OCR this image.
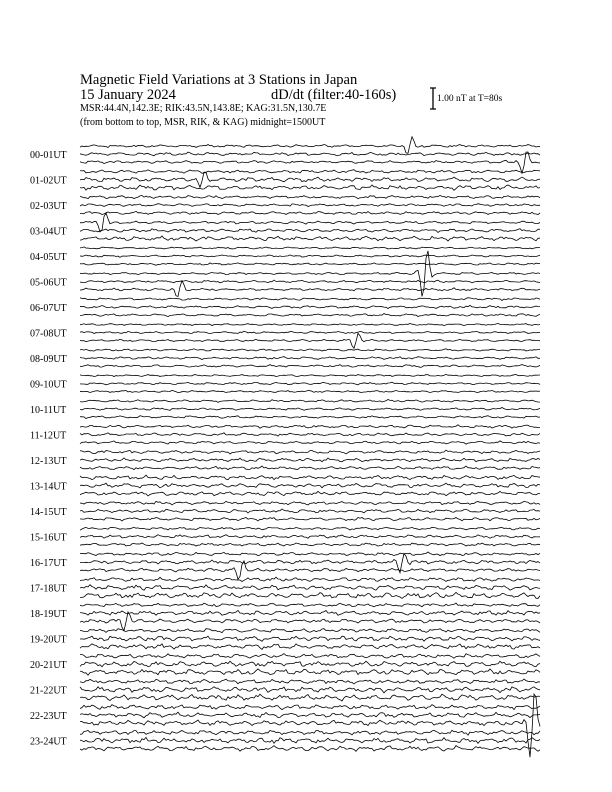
Magnetic Field Variations at 3 Stations in Japan
15 January 2024	dD/dt (filter:40-160s)
MSR:44.4N,142.3E; RIK:43.5N,143.8E; KAG:31.5N,130.7E
(from bottom to top, MSR, RIK, & KAG) midnight=1500UT
1.00 nT at T=80s
00-01UT
01-02UT
02-03UT
03-04UT
04-05UT
05-06UT
06-07UT
07-08UT
08-09UT
09-10UT
10-11UT
11-12UT
12-13UT
13-14UT
14-15UT
15-16UT
16-17UT
17-18UT
18-19UT
19-20UT
20-21UT
21-22UT
22-23UT
23-24UT
